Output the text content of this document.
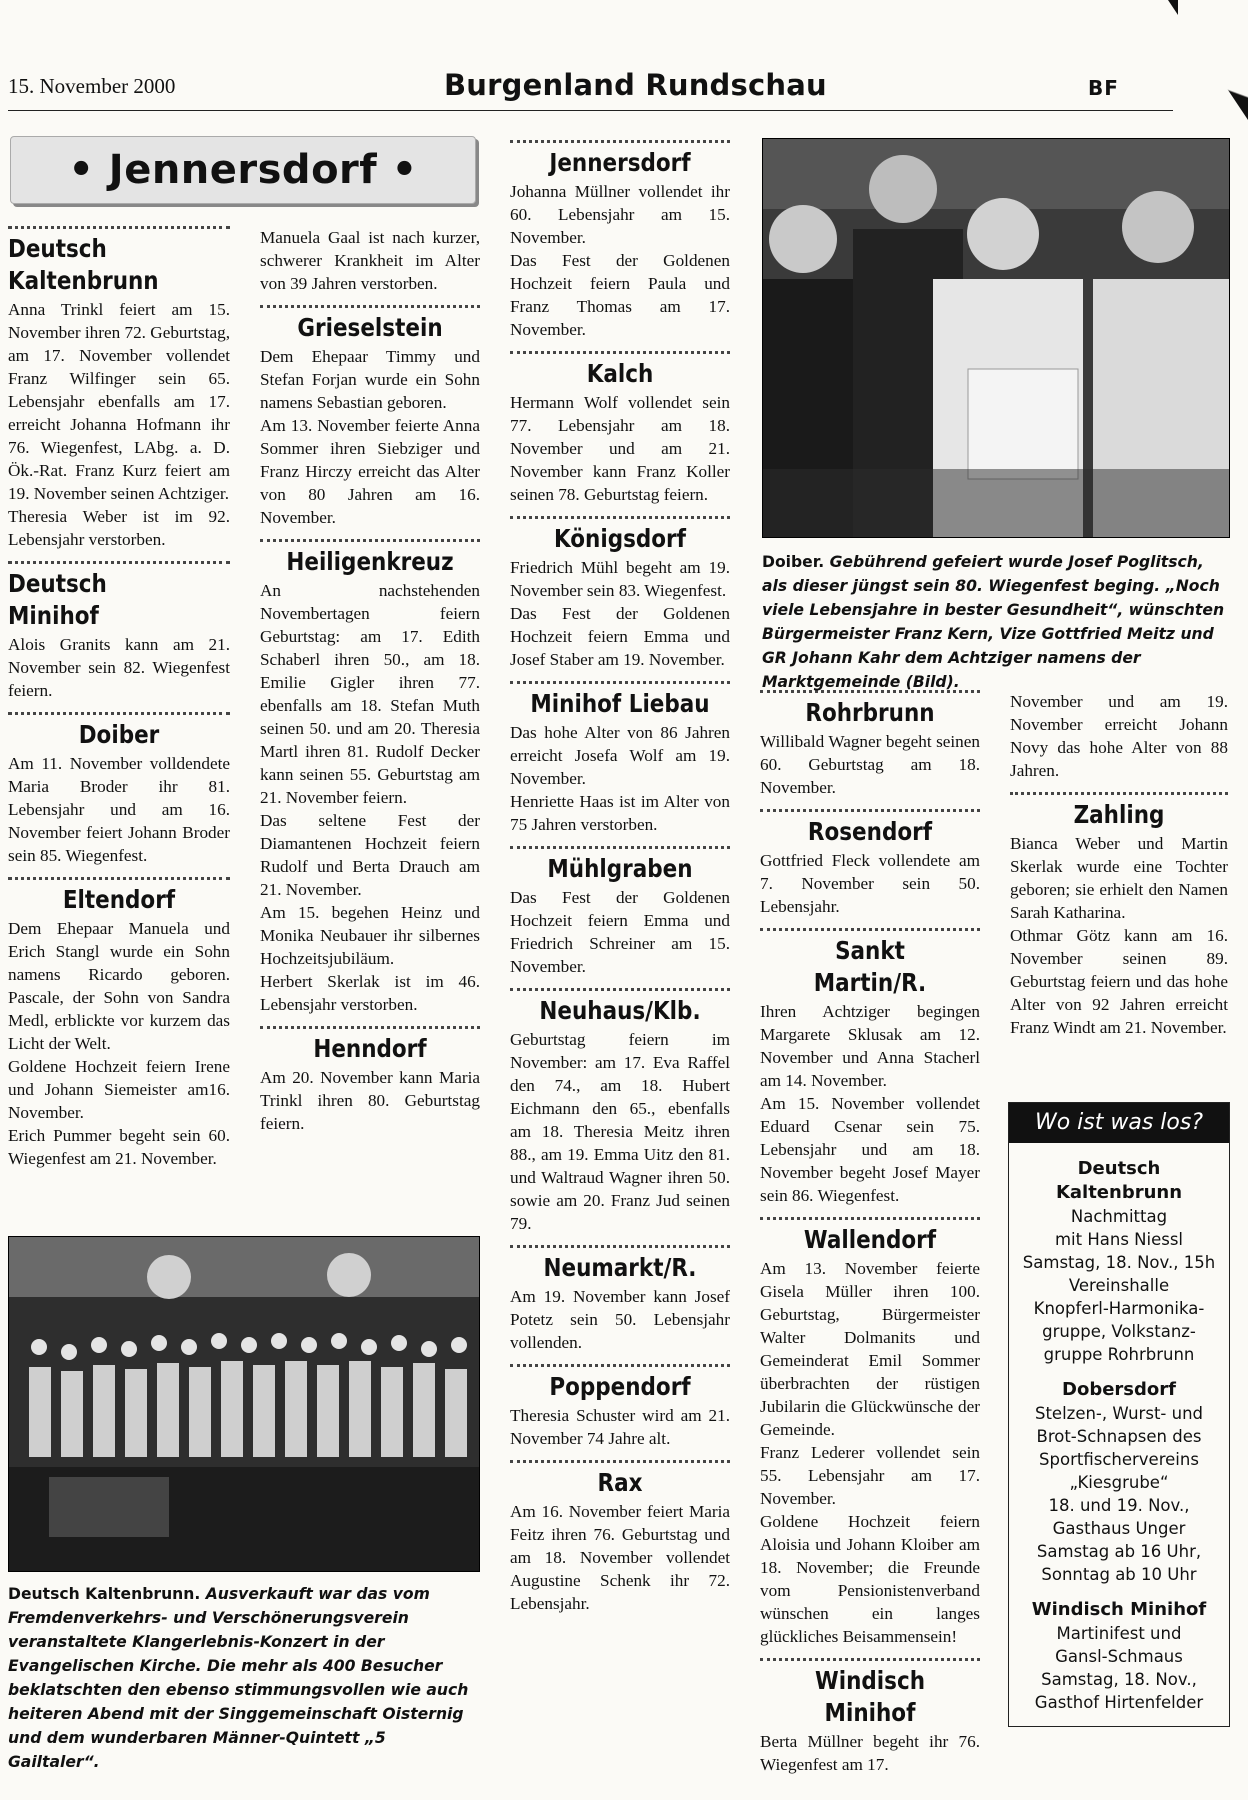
15. November 2000	Burgenland Rundschau	BF
• Jennersdorf •
Deutsch Kaltenbrunn

Anna Trinkl feiert am 15. November ihren 72. Geburtstag, am 17. November vollendet Franz Wilfinger sein 65. Lebensjahr ebenfalls am 17. erreicht Johanna Hofmann ihr 76. Wiegenfest, LAbg. a. D. Ök.-Rat. Franz Kurz feiert am 19. November seinen Achtziger.

Theresia Weber ist im 92. Lebensjahr verstorben.

Deutsch Minihof

Alois Granits kann am 21. November sein 82. Wiegenfest feiern.

Doiber

Am 11. November volldendete Maria Broder ihr 81. Lebensjahr und am 16. November feiert Johann Broder sein 85. Wiegenfest.

Eltendorf

Dem Ehepaar Manuela und Erich Stangl wurde ein Sohn namens Ricardo geboren. Pascale, der Sohn von Sandra Medl, erblickte vor kurzem das Licht der Welt.

Goldene Hochzeit feiern Irene und Johann Siemeister am16. November.

Erich Pummer begeht sein 60. Wiegenfest am 21. November.

Manuela Gaal ist nach kurzer, schwerer Krankheit im Alter von 39 Jahren verstorben.

Grieselstein

Dem Ehepaar Timmy und Stefan Forjan wurde ein Sohn namens Sebastian geboren.

Am 13. November feierte Anna Sommer ihren Siebziger und Franz Hirczy erreicht das Alter von 80 Jahren am 16. November.

Heiligenkreuz

An nachstehenden Novembertagen feiern Geburtstag: am 17. Edith Schaberl ihren 50., am 18. Emilie Gigler ihren 77. ebenfalls am 18. Stefan Muth seinen 50. und am 20. Theresia Martl ihren 81. Rudolf Decker kann seinen 55. Geburtstag am 21. November feiern.

Das seltene Fest der Diamantenen Hochzeit feiern Rudolf und Berta Drauch am 21. November.

Am 15. begehen Heinz und Monika Neubauer ihr silbernes Hochzeitsjubiläum.

Herbert Skerlak ist im 46. Lebensjahr verstorben.

Henndorf

Am 20. November kann Maria Trinkl ihren 80. Geburtstag feiern.

Jennersdorf

Johanna Müllner vollendet ihr 60. Lebensjahr am 15. November.

Das Fest der Goldenen Hochzeit feiern Paula und Franz Thomas am 17. November.

Kalch

Hermann Wolf vollendet sein 77. Lebensjahr am 18. November und am 21. November kann Franz Koller seinen 78. Geburtstag feiern.

Königsdorf

Friedrich Mühl begeht am 19. November sein 83. Wiegenfest.

Das Fest der Goldenen Hochzeit feiern Emma und Josef Staber am 19. November.

Minihof Liebau

Das hohe Alter von 86 Jahren erreicht Josefa Wolf am 19. November.

Henriette Haas ist im Alter von 75 Jahren verstorben.

Mühlgraben

Das Fest der Goldenen Hochzeit feiern Emma und Friedrich Schreiner am 15. November.

Neuhaus/Klb.

Geburtstag feiern im November: am 17. Eva Raffel den 74., am 18. Hubert Eichmann den 65., ebenfalls am 18. Theresia Meitz ihren 88., am 19. Emma Uitz den 81. und Waltraud Wagner ihren 50. sowie am 20. Franz Jud seinen 79.

Neumarkt/R.

Am 19. November kann Josef Potetz sein 50. Lebensjahr vollenden.

Poppendorf

Theresia Schuster wird am 21. November 74 Jahre alt.

Rax

Am 16. November feiert Maria Feitz ihren 76. Geburtstag und am 18. November vollendet Augustine Schenk ihr 72. Lebensjahr.

Rohrbrunn

Willibald Wagner begeht seinen 60. Geburtstag am 18. November.

Rosendorf

Gottfried Fleck vollendete am 7. November sein 50. Lebensjahr.

Sankt Martin/R.

Ihren Achtziger begingen Margarete Sklusak am 12. November und Anna Stacherl am 14. November.

Am 15. November vollendet Eduard Csenar sein 75. Lebensjahr und am 18. November begeht Josef Mayer sein 86. Wiegenfest.

Wallendorf

Am 13. November feierte Gisela Müller ihren 100. Geburtstag, Bürgermeister Walter Dolmanits und Gemeinderat Emil Sommer überbrachten der rüstigen Jubilarin die Glückwünsche der Gemeinde.

Franz Lederer vollendet sein 55. Lebensjahr am 17. November.

Goldene Hochzeit feiern Aloisia und Johann Kloiber am 18. November; die Freunde vom Pensionistenverband wünschen ein langes glückliches Beisammensein!

Windisch Minihof

Berta Müllner begeht ihr 76. Wiegenfest am 17.

November und am 19. November erreicht Johann Novy das hohe Alter von 88 Jahren.

Zahling

Bianca Weber und Martin Skerlak wurde eine Tochter geboren; sie erhielt den Namen Sarah Katharina.

Othmar Götz kann am 16. November seinen 89. Geburtstag feiern und das hohe Alter von 92 Jahren erreicht Franz Windt am 21. November.

Doiber. Gebührend gefeiert wurde Josef Poglitsch, als dieser jüngst sein 80. Wiegenfest beging. „Noch viele Lebensjahre in bester Gesundheit“, wünschten Bürgermeister Franz Kern, Vize Gottfried Meitz und GR Johann Kahr dem Achtziger namens der Marktgemeinde (Bild).
Deutsch Kaltenbrunn. Ausverkauft war das vom Fremdenverkehrs- und Verschönerungsverein veranstaltete Klangerlebnis-Konzert in der Evangelischen Kirche. Die mehr als 400 Besucher beklatschten den ebenso stimmungsvollen wie auch heiteren Abend mit der Singgemeinschaft Oisternig und dem wunderbaren Männer-Quintett „5 Gailtaler“.
Wo ist was los?
Deutsch Kaltenbrunn
Nachmittag
mit Hans Niessl
Samstag, 18. Nov., 15h
Vereinshalle
Knopferl-Harmonika-
gruppe, Volkstanz-
gruppe Rohrbrunn
Dobersdorf
Stelzen-, Wurst- und
Brot-Schnapsen des
Sportfischervereins
„Kiesgrube“
18. und 19. Nov.,
Gasthaus Unger
Samstag ab 16 Uhr,
Sonntag ab 10 Uhr
Windisch Minihof
Martinifest und
Gansl-Schmaus
Samstag, 18. Nov.,
Gasthof Hirtenfelder
